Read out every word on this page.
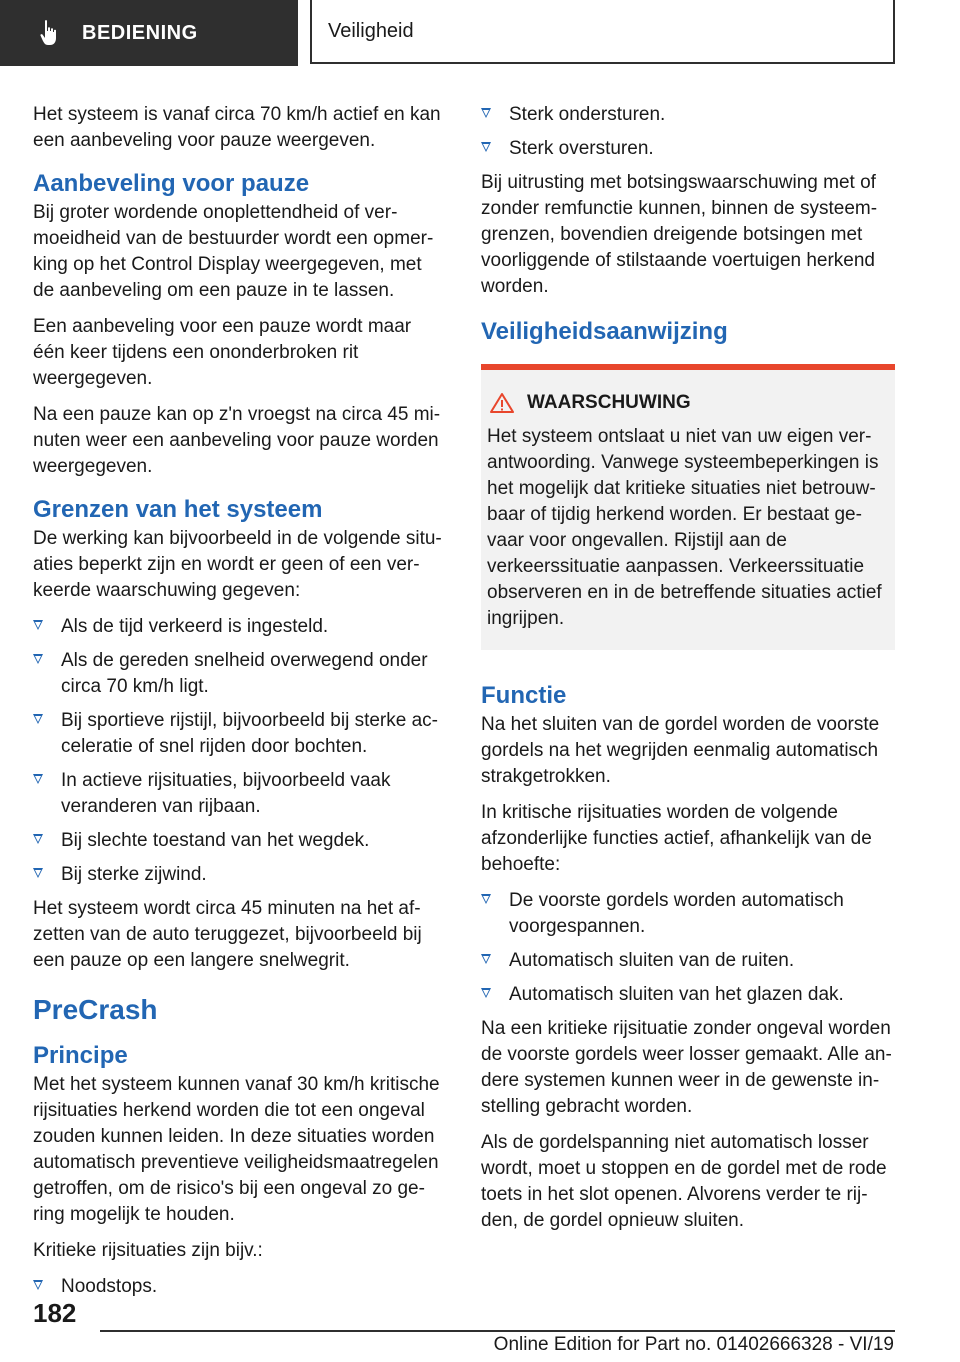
BEDIENING	Veiligheid

Het systeem is vanaf circa 70 km/h actief en kan een aanbeveling voor pauze weergeven.

Aanbeveling voor pauze

Bij groter wordende onoplettendheid of vermoeidheid van de bestuurder wordt een opmerking op het Control Display weergegeven, met de aanbeveling om een pauze in te lassen.

Een aanbeveling voor een pauze wordt maar één keer tijdens een ononderbroken rit weergegeven.

Na een pauze kan op z'n vroegst na circa 45 minuten weer een aanbeveling voor pauze worden weergegeven.

Grenzen van het systeem

De werking kan bijvoorbeeld in de volgende situaties beperkt zijn en wordt er geen of een verkeerde waarschuwing gegeven:

Als de tijd verkeerd is ingesteld.
Als de gereden snelheid overwegend onder circa 70 km/h ligt.
Bij sportieve rijstijl, bijvoorbeeld bij sterke acceleratie of snel rijden door bochten.
In actieve rijsituaties, bijvoorbeeld vaak veranderen van rijbaan.
Bij slechte toestand van het wegdek.
Bij sterke zijwind.

Het systeem wordt circa 45 minuten na het afzetten van de auto teruggezet, bijvoorbeeld bij een pauze op een langere snelwegrit.

PreCrash
Principe

Met het systeem kunnen vanaf 30 km/h kritische rijsituaties herkend worden die tot een ongeval zouden kunnen leiden. In deze situaties worden automatisch preventieve veiligheidsmaatregelen getroffen, om de risico's bij een ongeval zo gering mogelijk te houden.

Kritieke rijsituaties zijn bijv.:

Noodstops.
Sterk ondersturen.
Sterk oversturen.

Bij uitrusting met botsingswaarschuwing met of zonder remfunctie kunnen, binnen de systeemgrenzen, bovendien dreigende botsingen met voorliggende of stilstaande voertuigen herkend worden.

Veiligheidsaanwijzing
WAARSCHUWING

Het systeem ontslaat u niet van uw eigen verantwoording. Vanwege systeembeperkingen is het mogelijk dat kritieke situaties niet betrouwbaar of tijdig herkend worden. Er bestaat gevaar voor ongevallen. Rijstijl aan de verkeerssituatie aanpassen. Verkeerssituatie observeren en in de betreffende situaties actief ingrijpen.

Functie

Na het sluiten van de gordel worden de voorste gordels na het wegrijden eenmalig automatisch strakgetrokken.

In kritische rijsituaties worden de volgende afzonderlijke functies actief, afhankelijk van de behoefte:

De voorste gordels worden automatisch voorgespannen.
Automatisch sluiten van de ruiten.
Automatisch sluiten van het glazen dak.

Na een kritieke rijsituatie zonder ongeval worden de voorste gordels weer losser gemaakt. Alle andere systemen kunnen weer in de gewenste instelling gebracht worden.

Als de gordelspanning niet automatisch losser wordt, moet u stoppen en de gordel met de rode toets in het slot openen. Alvorens verder te rijden, de gordel opnieuw sluiten.

182
Online Edition for Part no. 01402666328 - VI/19
